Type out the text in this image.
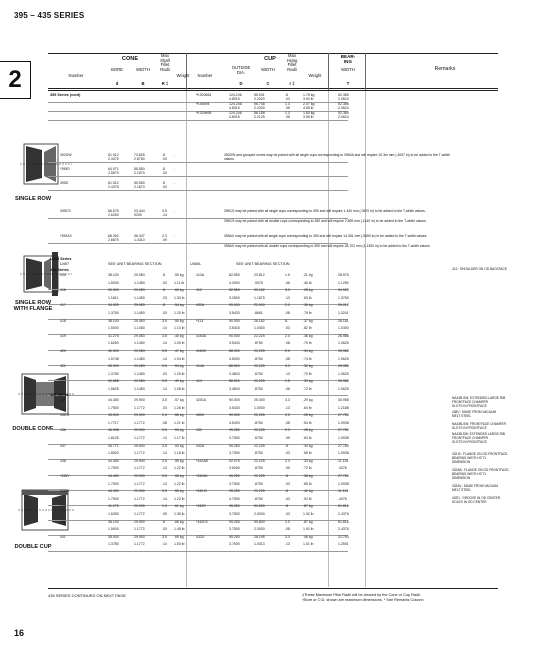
395 – 435 SERIES
2
CONE	CUP	BEAR-
ING
Remarks
Number
BORE	WIDTH
Max
Shaft
Fillet
Radii
Weight	Number
OUTSIDE
DIA.
WIDTH
Max
Hsing
Fillet
Radii
Weight
WIDTH
d	B	R ‡	D	C	r ‡	T
SINGLE ROW
SINGLE ROW
WITH FLANGE
DOUBLE CONE
DOUBLE CUP
395 Series (cont)	*K302664	124.246	55.931	.8	1.78 kg	52.385
4.8915	2.2020	.03	3.93 lb	2.0624
*K45494	124.246	56.738	1.3	2.07 kg	52.385
4.8915	2.2330	.05	4.56 lb	2.0624
*K329695	124.246	56.188	1.3	1.80 kg	52.385
4.8915	2.2125	.05	3.96 lb	2.0624
392DW	61.912	73.825	.8	-
2.4375	2.8750	.03
*395D	64.971	55.550	.8	-
2.5579	2.1870	.03
395D	61.912	55.550	.8	-
2.4375	2.1870	.03
395CS	66.675	23.444	3.5 -
2.6250	9230	.14
*395AX	68.262	36.347	2.3 -
2.6875	1.4310	.09
392DW and grouped cones may be paired with all single cups corresponding to 3960A and will require 10.3m mm (.4057 in) to be added to the T-width values.
395CS may be paired with all single cups corresponding to 390 and will require 1.440 mm (.0570 in) to be added to the T-width values.
395CS may be paired with all double cups corresponding to 390 and will require 2.895 mm (.1140 in) to be added to the T-width values.
395AX may be paired with all single cups corresponding to 390 and will require 14.351 mm (.5650 in) to be added to the T-width values.
395AX may be paired with all double cups corresponding to 390 and will require 28.702 mm (1.1300 in) to be added to the T-width values.
U400 Series
U497	SEE UNIT BEARING SECTION	U460L	SEE UNIT BEARING SECTION
415 Series	413 : SHOULDER ON OD BACKFACE
415	38.100	29.083	.8	.50 kg	413A	82.550	23.812	1.5	.21 kg	28.575
1.5000	1.1450	.03 1.11 lb	3.2500	.9375	.06	.46 lb	1.1250
416	30.000	29.083	.8	.60 kg	412	82.550	30.162	3.3	.28 kg	34.925
1.1811	1.1450	.03 1.33 lb	3.2500	1.1875	.13	.63 lb	1.3750
417	34.925	29.083	.8	.54 kg	432A	90.000	22.000	2.0	.36 kg	26.012
1.3750	1.1450	.03 1.20 lb	3.5433	.8661	.08	.79 lb	1.0241
418	38.100	29.083	3.5 .50 kg	*413	90.000	26.162	8.	.37 kg	26.161
1.5000	1.1450	.14 1.10 lb	3.5433	1.0300	.03	.82 lb	1.0300
419	41.275	29.083	3.5 .45 kg	4163A	90.000	22.225	2.0	.36 kg	26.988
1.6250	1.1450	.14 1.00 lb	3.5433	.8750	.08	.79 lb	1.0625
420	40.000	29.083	3.5 .47 kg	4163X	88.900	22.225	2.0	.34 kg	26.988
1.5748	1.1450	.14 1.04 lb	3.5000	.8750	.08	.74 lb	1.0625
421	35.000	29.083	3.5 .54 kg	414A	88.500	22.225	3.3	.32 kg	26.988
1.3780	1.1450	.03 1.20 lb	3.4843	.8750	.13	.70 lb	1.0625
422	39.688	29.083	3.5 .49 kg	414	88.500	22.225	1.5	.33 kg	26.988
1.5625	1.1450	.14 1.08 lb	3.4843	.8750	.06	.72 lb	1.0625
425 Series
435	44.450	29.900	3.5 .57 kg	4201A	90.000	25.400	3.3	.29 kg	30.958
1.7500	1.1772	.03 1.26 lb	3.5433	1.0000	.13	.64 lb	1.2188
435-S	45.000	29.900	2.0 .55 kg	430X	90.000	22.225	2.0	.25 kg	27.783
1.7717	1.1772	.08 1.21 lb	3.5433	.8750	.08	.54 lb	1.0938
436	46.038	29.900	3.5 .53 kg	432	95.250	22.225	2.3	.28 kg	27.783
1.8125	1.1772	.14 1.17 lb	3.7500	.8750	.09	.63 lb	1.0938
437	45.771	29.900	3.5 .53 kg	432A	95.250	22.225	.8	.30 kg	27.783
1.8020	1.1772	.14 1.18 lb	3.7500	.8750	.03	.65 lb	1.0938
438	44.450	29.900	3.5 .55 kg	*432AB	92.075	22.225	2.3	.33 kg	11.115
1.7500	1.1772	.14 1.22 lb	3.6250	.8750	.09	.72 lb	.4376
*438V	44.450	29.900	3.5 .55 kg	*432AV	95.250	22.225	.8	.38 kg	27.783
1.7500	1.1772	.14 1.22 lb	3.7500	.8750	.03	.85 lb	1.0938
438W	44.450	29.900	3.5 .55 kg	*432-B	95.250	22.225	.8	.42 kg	11.115
1.7500	1.1772	.14 1.22 lb	3.7500	.8750	.03	.92 lb	.4376
439	41.275	29.900	1.3 .61 kg	*432D	95.250	50.800	.8	.87 kg	61.816
1.6250	1.1772	.05 1.35 lb	3.7500	2.0000	.03	1.92 lb	2.4376
440	38.100	29.900	.8	.66 kg	*432DC	95.250	50.800	2.0	.87 kg	61.816
1.5000	1.1772	.03 1.45 lb	3.7500	2.0000	.08	1.92 lb	2.4376
441	35.000	29.900	3.5 .69 kg	432D	95.250	26.195	3.3	.46 kg	31.753
1.3780	1.1772	.14 1.53 lb	3.7500	1.0313	.13	1.01 lb	1.2501
NA43B-SW: EXTENDED LARGE RIB
FRONTFACE CHAMFER
SLOTS IN FRONTFACE
438V : MADE FROM VACUUM
MELT STEEL
NA43B-SW: FRONTFACE CHAMFER
SLOTS IN FRONTFACE
NA438-SW: EXTENDED LARGE RIB
FRONTFACE CHAMFER
SLOTS IN FRONTFACE
432-B : FLANGE ON OD FRONTFACE,
BEARING WIDTH IS T1
DIMENSION
432AB : FLANGE ON OD FRONTFACE,
BEARING WIDTH IS T1
DIMENSION
432AV : MADE FROM VACUUM
MELT STEEL
432D : GROOVE IN OD CENTER
HOLES IN OD CENTER
435 SERIES CONTINUED ON NEXT PAGE	‡These Maximum Fillet Radii will be cleared by the Cone or Cup Radii.
†Bore or O.D. shown are maximum dimensions. * See Remarks Column.
16
